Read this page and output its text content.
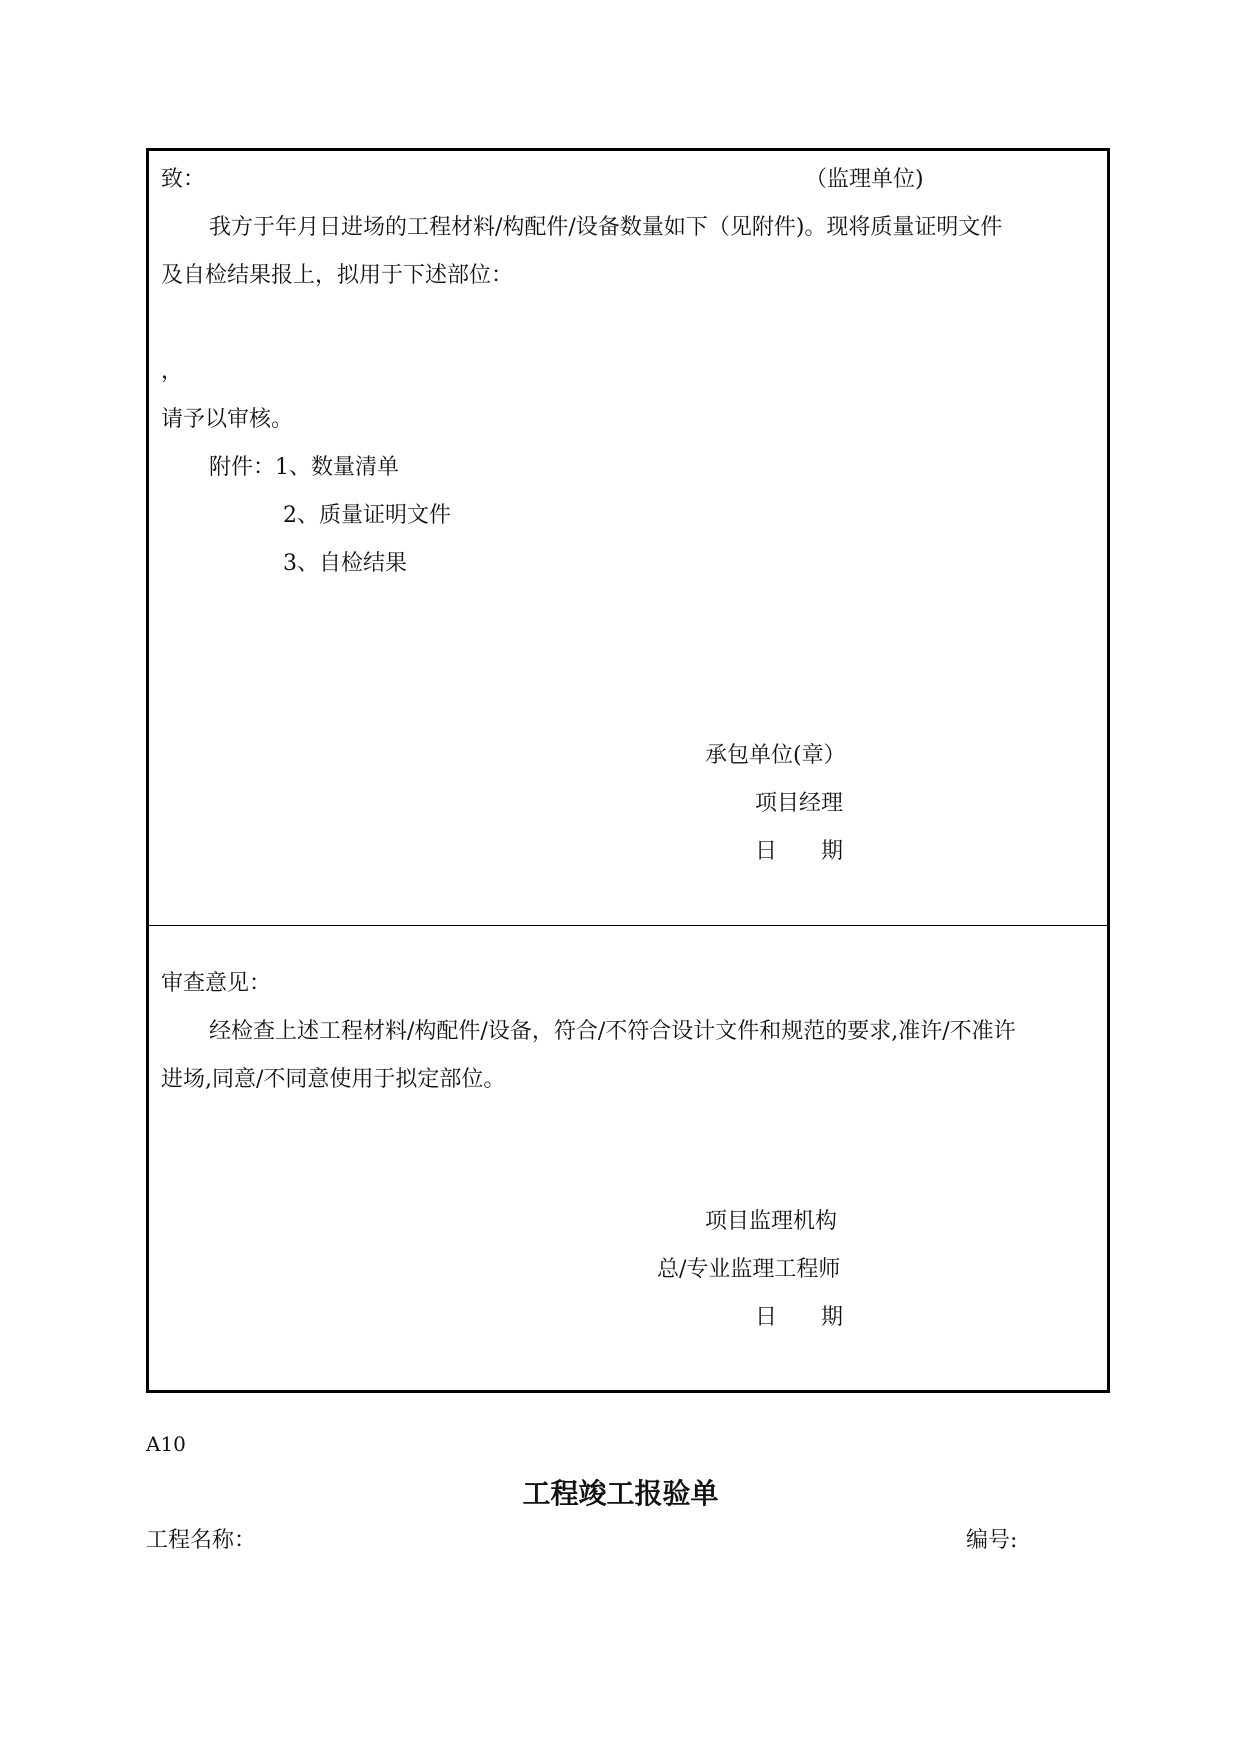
致：	（监理单位)
我方于年月日进场的工程材料/构配件/设备数量如下（见附件)。现将质量证明文件
及自检结果报上，拟用于下述部位：
，
请予以审核。
附件：1、数量清单
2、质量证明文件
3、自检结果
承包单位(章）
项目经理
日　　期
审查意见：
经检查上述工程材料/构配件/设备，符合/不符合设计文件和规范的要求,准许/不准许
进场,同意/不同意使用于拟定部位。
项目监理机构
总/专业监理工程师
日　　期
A10
工程竣工报验单
工程名称：	编号:
